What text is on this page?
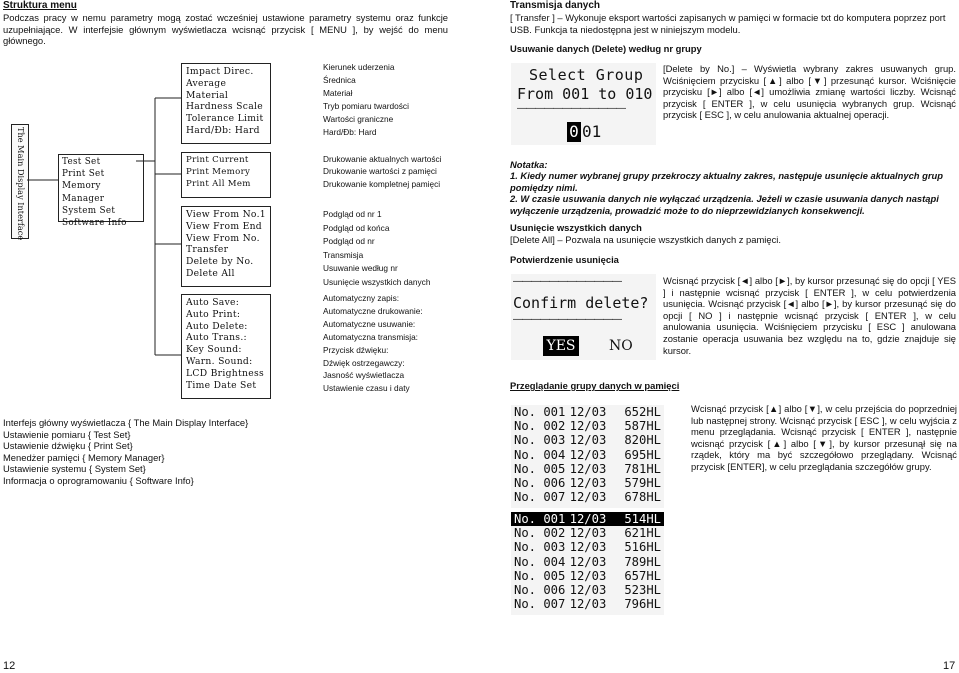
Struktura menu
Podczas pracy w nemu parametry mogą zostać wcześniej ustawione parametry systemu oraz funkcje uzupełniające. W interfejsie głównym wyświetlacza wcisnąć przycisk [ MENU ], by wejść do menu głównego.
The Main Display Interface	Test Set
Print Set
Memory Manager
System Set
Software Info
Impact Direc.
Average
Material
Hardness Scale
Tolerance Limit
Hard/Ðb: Hard
Print Current
Print Memory
Print All Mem
View From No.1
View From End
View From No.
Transfer
Delete by No.
Delete All
Auto Save:
Auto Print:
Auto Delete:
Auto Trans.:
Key Sound:
Warn. Sound:
LCD Brightness
Time Date Set
Kierunek uderzenia
Średnica
Materiał
Tryb pomiaru twardości
Wartości graniczne
Hard/Ðb: Hard
Drukowanie aktualnych wartości
Drukowanie wartości z pamięci
Drukowanie kompletnej pamięci
Podgląd od nr 1
Podgląd od końca
Podgląd od nr
Transmisja
Usuwanie według nr
Usunięcie wszystkich danych
Automatyczny zapis:
Automatyczne drukowanie:
Automatyczne usuwanie:
Automatyczna transmisja:
Przycisk dźwięku:
Dźwięk ostrzegawczy:
Jasność wyświetlacza
Ustawienie czasu i daty
Interfejs główny wyświetlacza { The Main Display Interface}
Ustawienie pomiaru { Test Set}
Ustawienie dźwięku { Print Set}
Menedżer pamięci { Memory Manager}
Ustawienie systemu { System Set}
Informacja o oprogramowaniu { Software Info}
12
Transmisja danych
[ Transfer ] – Wykonuje eksport wartości zapisanych w pamięci w formacie txt do komputera poprzez port USB. Funkcja ta niedostępna jest w niniejszym modelu.
Usuwanie danych (Delete) według nr grupy
Select Group
From 001 to 010
————————————
0 01
[Delete by No.] – Wyświetla wybrany zakres usuwanych grup. Wciśnięciem przycisku [▲] albo [▼] przesunąć kursor. Wciśnięcie przycisku [►] albo [◄] umożliwia zmianę wartości liczby. Wcisnąć przycisk [ ENTER ], w celu usunięcia wybranych grup. Wcisnąć przycisk [ ESC ], w celu anulowania aktualnej operacji.
Notatka:
1. Kiedy numer wybranej grupy przekroczy aktualny zakres, następuje usunięcie aktualnych grup pomiędzy nimi.
2. W czasie usuwania danych nie wyłączać urządzenia. Jeżeli w czasie usuwania danych nastąpi wyłączenie urządzenia, prowadzić może to do nieprzewidzianych konsekwencji.
Usunięcie wszystkich danych
[Delete All] – Pozwala na usunięcie wszystkich danych z pamięci.
Potwierdzenie usunięcia
————————————
Confirm delete?
————————————
YES NO
Wcisnąć przycisk [◄] albo [►], by kursor przesunąć się do opcji [ YES ] i następnie wcisnąć przycisk [ ENTER ], w celu potwierdzenia usunięcia. Wcisnąć przycisk [◄] albo [►], by kursor przesunąć się do opcji [ NO ] i następnie wcisnąć przycisk [ ENTER ], w celu anulowania usunięcia. Wciśnięciem przycisku [ ESC ] anulowana zostanie operacja usuwania bez względu na to, gdzie znajduje się kursor.
Przeglądanie grupy danych w pamięci
No. 001 12/03	652HL
No. 002 12/03	587HL
No. 003 12/03	820HL
No. 004 12/03	695HL
No. 005 12/03	781HL
No. 006 12/03	579HL
No. 007 12/03	678HL
No. 001 12/03	514HL
No. 002 12/03	621HL
No. 003 12/03	516HL
No. 004 12/03	789HL
No. 005 12/03	657HL
No. 006 12/03	523HL
No. 007 12/03	796HL
Wcisnąć przycisk [▲] albo [▼], w celu przejścia do poprzedniej lub następnej strony. Wcisnąć przycisk [ ESC ], w celu wyjścia z menu przeglądania. Wcisnąć przycisk [ ENTER ], następnie wcisnąć przycisk [▲] albo [▼], by kursor przesunął się na rządek, który ma być szczegółowo przeglądany. Wcisnąć przycisk [ENTER], w celu przeglądania szczegółów grupy.
17
